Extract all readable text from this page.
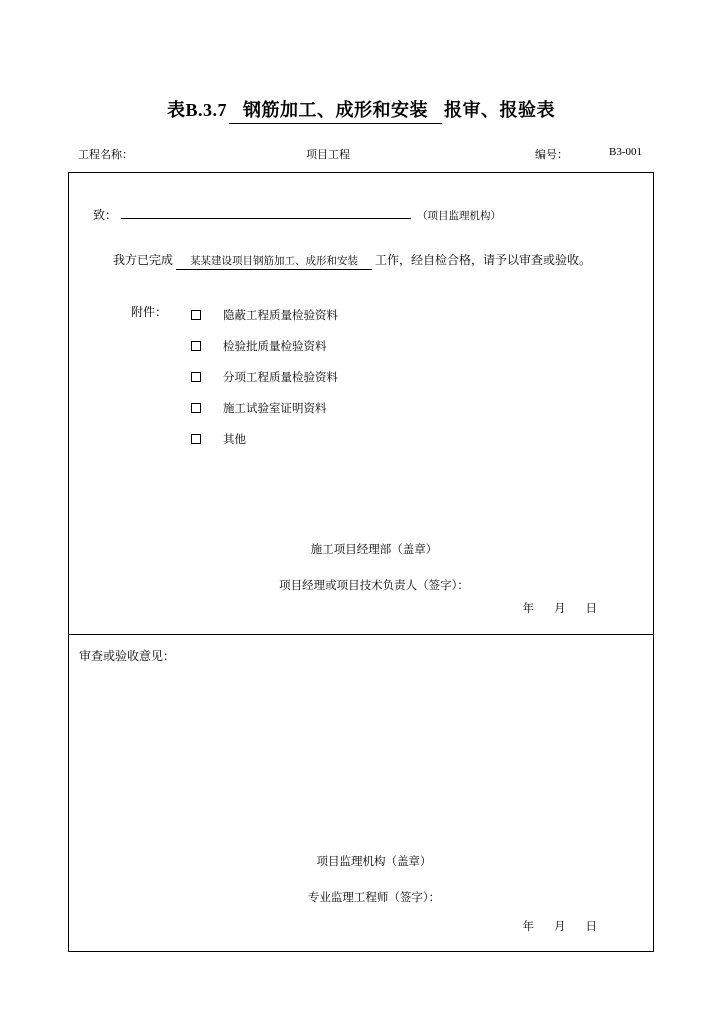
表B.3.7 钢筋加工、成形和安装 报审、报验表
工程名称：	项目工程	编号：	B3-001
致：	（项目监理机构）
我方已完成 某某建设项目钢筋加工、成形和安装 工作，经自检合格，请予以审查或验收。
附件：	隐蔽工程质量检验资料
检验批质量检验资料
分项工程质量检验资料
施工试验室证明资料
其他
施工项目经理部（盖章）
项目经理或项目技术负责人（签字）：
年 月 日
审查或验收意见：
项目监理机构（盖章）
专业监理工程师（签字）：
年 月 日
